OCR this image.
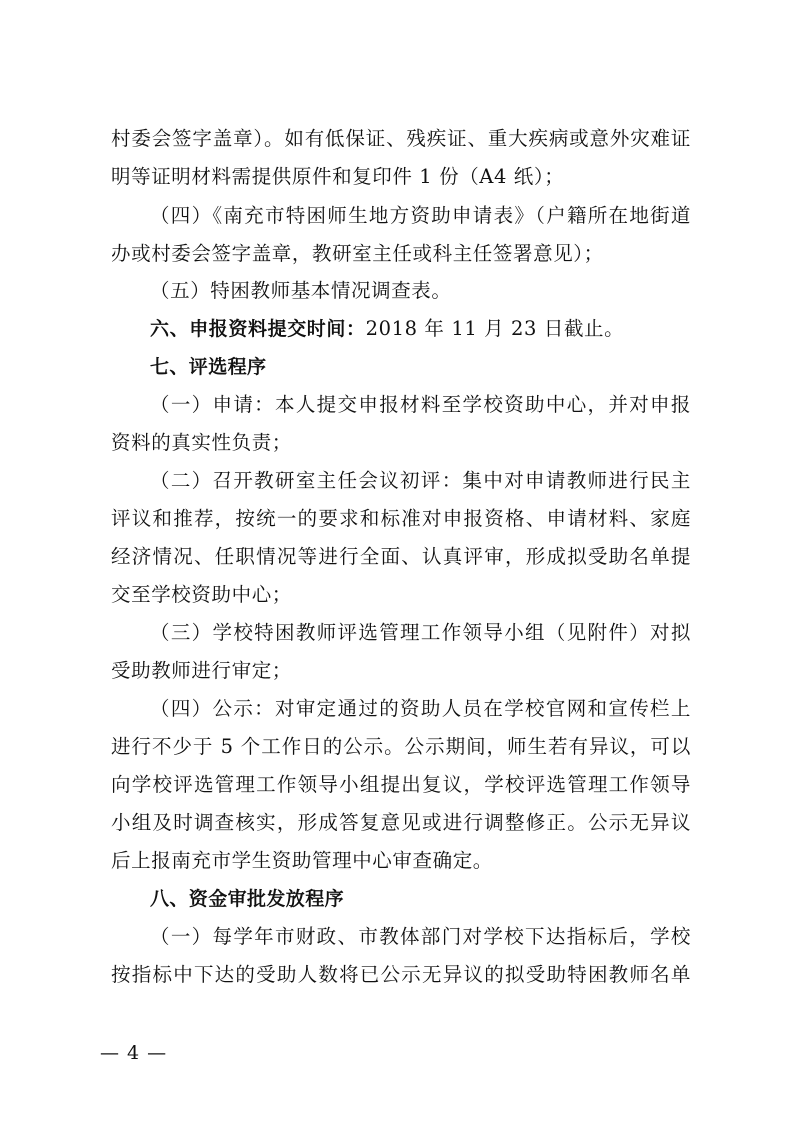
村委会签字盖章）。如有低保证、残疾证、重大疾病或意外灾难证
明等证明材料需提供原件和复印件 1 份（A4 纸）；
（四）《南充市特困师生地方资助申请表》（户籍所在地街道
办或村委会签字盖章，教研室主任或科主任签署意见）；
（五）特困教师基本情况调查表。
六、申报资料提交时间：2018 年 11 月 23 日截止。
七、评选程序
（一）申请：本人提交申报材料至学校资助中心，并对申报
资料的真实性负责；
（二）召开教研室主任会议初评：集中对申请教师进行民主
评议和推荐，按统一的要求和标准对申报资格、申请材料、家庭
经济情况、任职情况等进行全面、认真评审，形成拟受助名单提
交至学校资助中心；
（三）学校特困教师评选管理工作领导小组（见附件）对拟
受助教师进行审定；
（四）公示：对审定通过的资助人员在学校官网和宣传栏上
进行不少于 5 个工作日的公示。公示期间，师生若有异议，可以
向学校评选管理工作领导小组提出复议，学校评选管理工作领导
小组及时调查核实，形成答复意见或进行调整修正。公示无异议
后上报南充市学生资助管理中心审查确定。
八、资金审批发放程序
（一）每学年市财政、市教体部门对学校下达指标后，学校
按指标中下达的受助人数将已公示无异议的拟受助特困教师名单
— 4 —
